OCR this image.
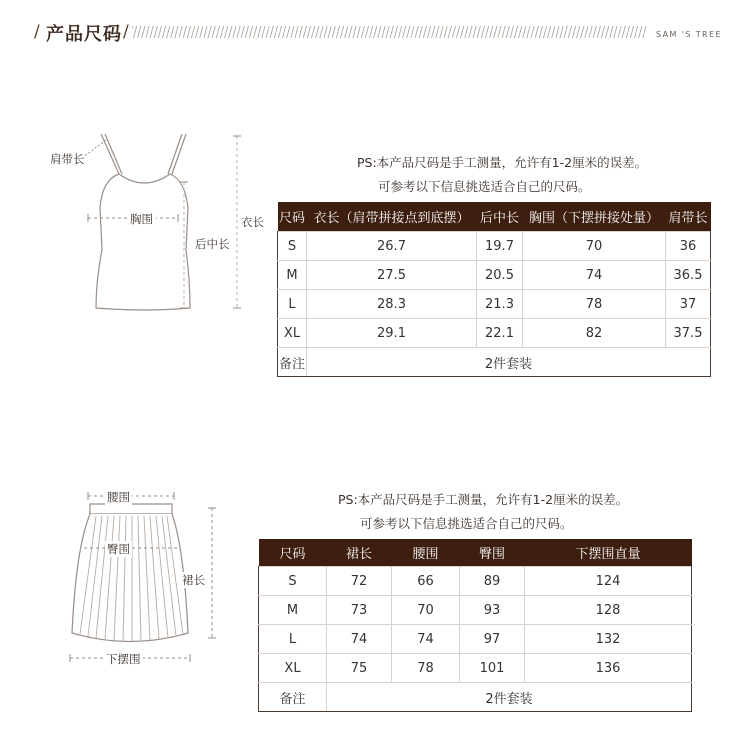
/ 产品尺码 /	SAM 'S TREE
肩带长
胸围
后中长
衣长
PS:本产品尺码是手工测量，允许有1-2厘米的误差。
可参考以下信息挑选适合自己的尺码。
尺码	衣长（肩带拼接点到底摆）	后中长	胸围（下摆拼接处量）	肩带长
S	26.7	19.7	70	36
M	27.5	20.5	74	36.5
L	28.3	21.3	78	37
XL	29.1	22.1	82	37.5
备注	2件套装			
腰围
臀围
裙长
下摆围
PS:本产品尺码是手工测量，允许有1-2厘米的误差。
可参考以下信息挑选适合自己的尺码。
尺码	裙长	腰围	臀围	下摆围直量
S	72	66	89	124
M	73	70	93	128
L	74	74	97	132
XL	75	78	101	136
备注	2件套装			
